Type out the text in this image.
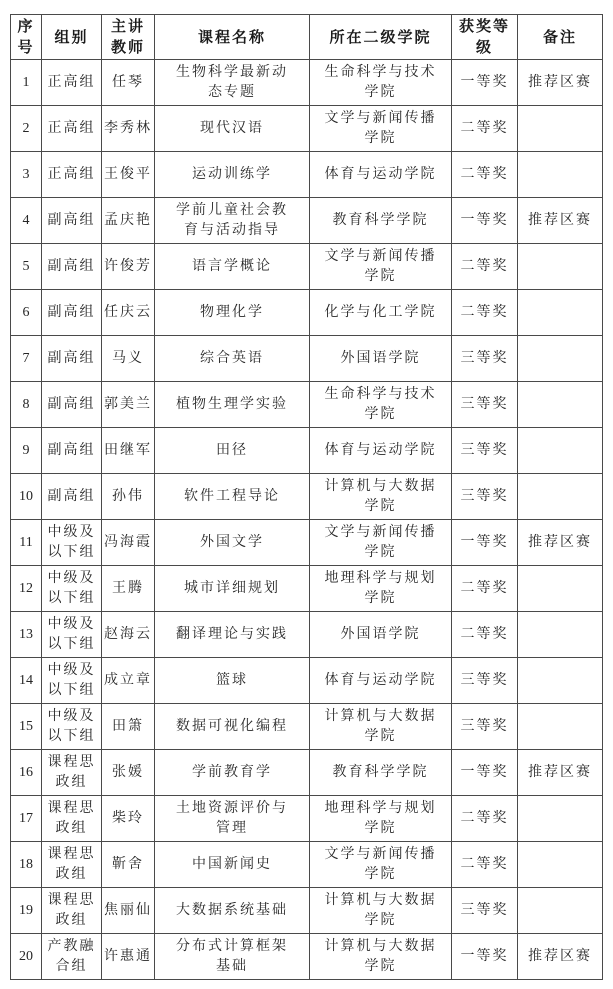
序号	组别	主讲教师	课程名称	所在二级学院	获奖等级	备注
1	正高组	任琴	生物科学最新动态专题	生命科学与技术学院	一等奖	推荐区赛
2	正高组	李秀林	现代汉语	文学与新闻传播学院	二等奖	
3	正高组	王俊平	运动训练学	体育与运动学院	二等奖	
4	副高组	孟庆艳	学前儿童社会教育与活动指导	教育科学学院	一等奖	推荐区赛
5	副高组	许俊芳	语言学概论	文学与新闻传播学院	二等奖	
6	副高组	任庆云	物理化学	化学与化工学院	二等奖	
7	副高组	马义	综合英语	外国语学院	三等奖	
8	副高组	郭美兰	植物生理学实验	生命科学与技术学院	三等奖	
9	副高组	田继军	田径	体育与运动学院	三等奖	
10	副高组	孙伟	软件工程导论	计算机与大数据学院	三等奖	
11	中级及以下组	冯海霞	外国文学	文学与新闻传播学院	一等奖	推荐区赛
12	中级及以下组	王腾	城市详细规划	地理科学与规划学院	二等奖	
13	中级及以下组	赵海云	翻译理论与实践	外国语学院	二等奖	
14	中级及以下组	成立章	篮球	体育与运动学院	三等奖	
15	中级及以下组	田箫	数据可视化编程	计算机与大数据学院	三等奖	
16	课程思政组	张媛	学前教育学	教育科学学院	一等奖	推荐区赛
17	课程思政组	柴玲	土地资源评价与管理	地理科学与规划学院	二等奖	
18	课程思政组	靳舍	中国新闻史	文学与新闻传播学院	二等奖	
19	课程思政组	焦丽仙	大数据系统基础	计算机与大数据学院	三等奖	
20	产教融合组	许惠通	分布式计算框架基础	计算机与大数据学院	一等奖	推荐区赛
